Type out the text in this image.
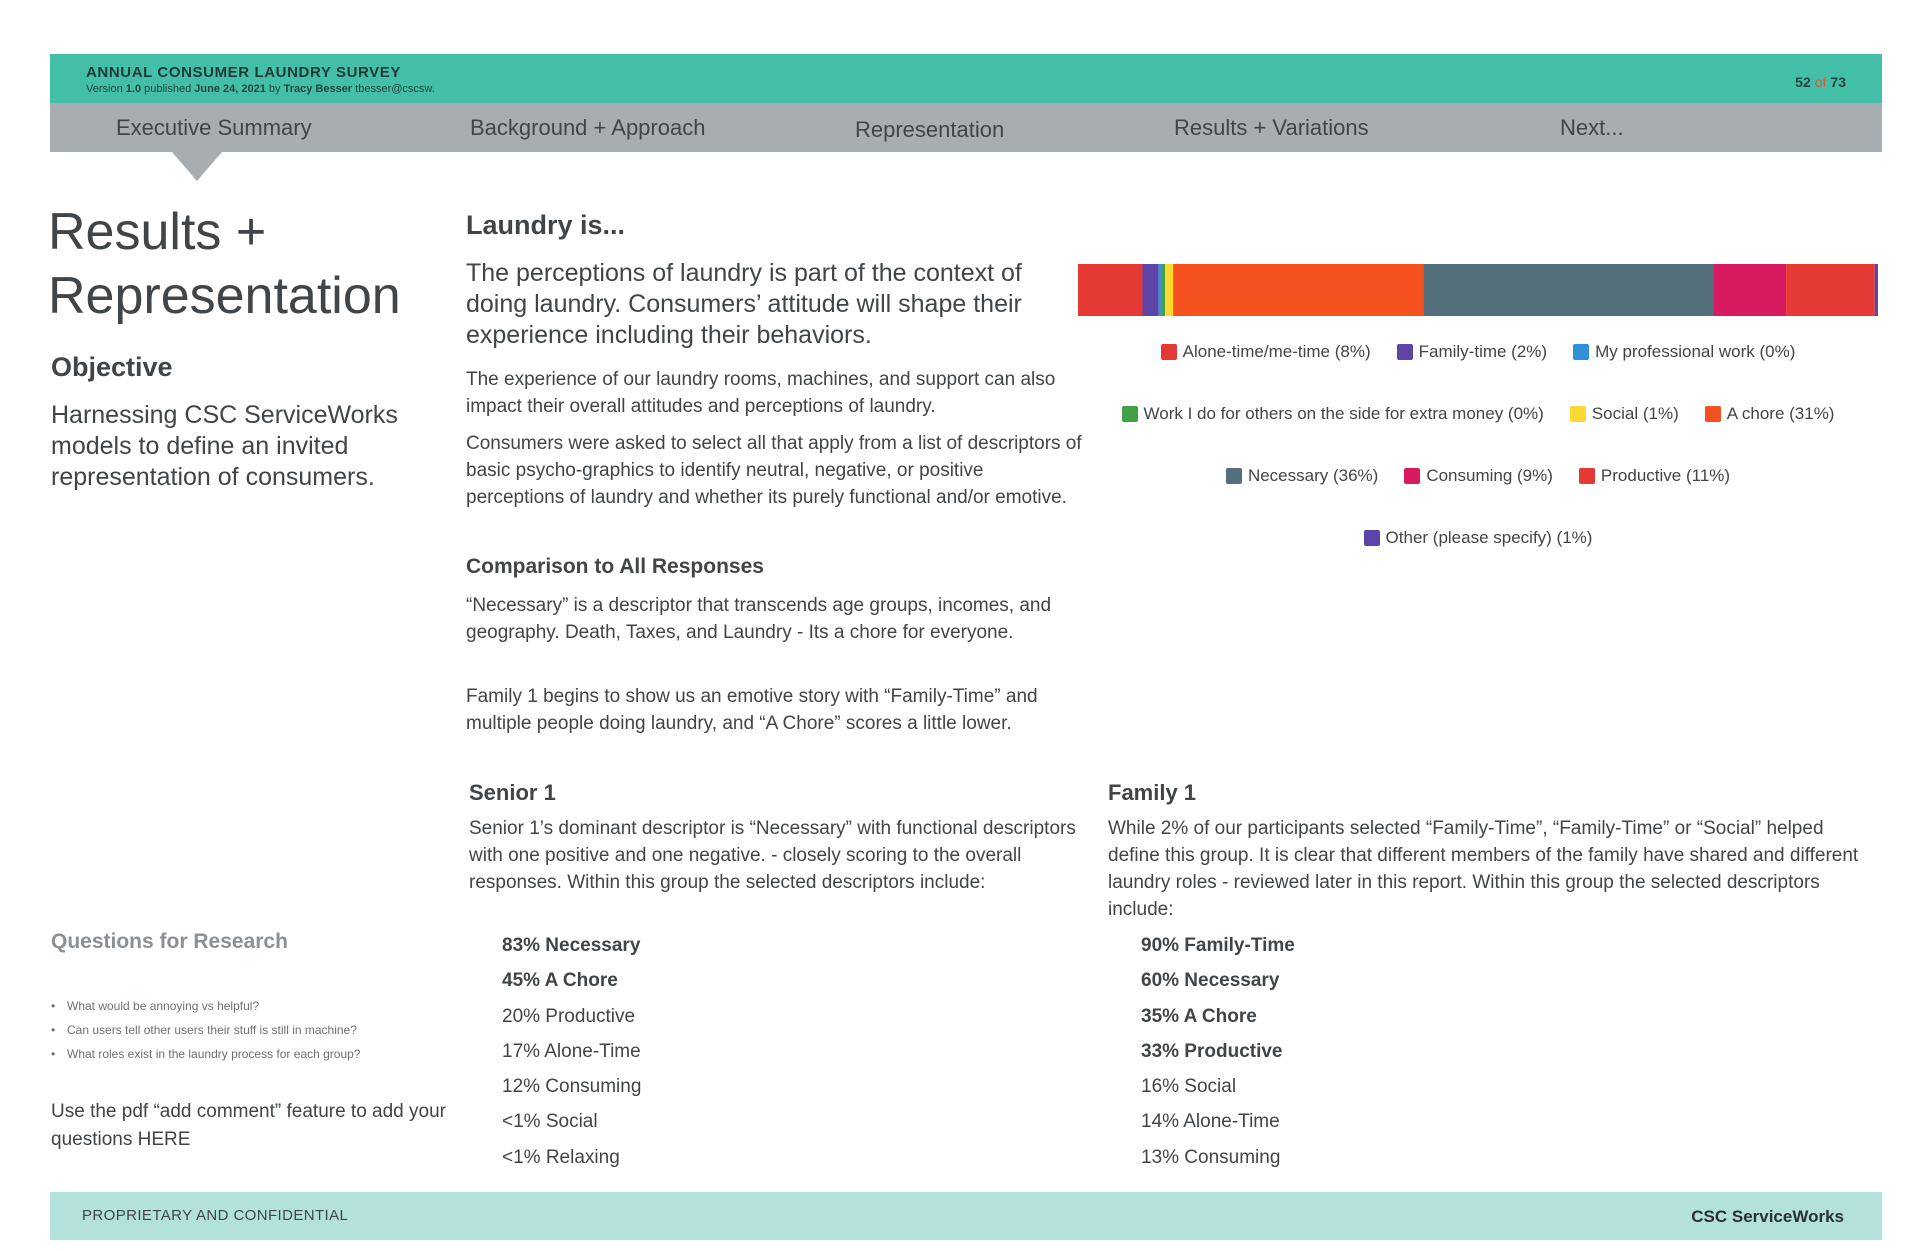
ANNUAL CONSUMER LAUNDRY SURVEY
Version 1.0 published June 24, 2021 by Tracy Besser tbesser@cscsw.	52 of 73
Executive Summary	Background + Approach	Representation	Results + Variations	Next...
Results +
Representation
Objective
Harnessing CSC ServiceWorks models to define an invited representation of consumers.
Questions for Research
• What would be annoying vs helpful?
• Can users tell other users their stuff is still in machine?
• What roles exist in the laundry process for each group?
Use the pdf “add comment” feature to add your questions HERE
Laundry is...
The perceptions of laundry is part of the context of doing laundry. Consumers’ attitude will shape their experience including their behaviors.

The experience of our laundry rooms, machines, and support can also impact their overall attitudes and perceptions of laundry.

Consumers were asked to select all that apply from a list of descriptors of basic psycho-graphics to identify neutral, negative, or positive perceptions of laundry and whether its purely functional and/or emotive.

Comparison to All Responses

“Necessary” is a descriptor that transcends age groups, incomes, and geography. Death, Taxes, and Laundry - Its a chore for everyone.

Family 1 begins to show us an emotive story with “Family-Time” and multiple people doing laundry, and “A Chore” scores a little lower.

Senior 1
Senior 1’s dominant descriptor is “Necessary” with functional descriptors with one positive and one negative. - closely scoring to the overall responses. Within this group the selected descriptors include:
83% Necessary
45% A Chore
20% Productive
17% Alone-Time
12% Consuming
<1% Social
<1% Relaxing
Family 1
While 2% of our participants selected “Family-Time”, “Family-Time” or “Social” helped define this group. It is clear that different members of the family have shared and different laundry roles - reviewed later in this report. Within this group the selected descriptors include:
90% Family-Time
60% Necessary
35% A Chore
33% Productive
16% Social
14% Alone-Time
13% Consuming
Alone-time/me-time (8%)	Family-time (2%)	My professional work (0%)
Work I do for others on the side for extra money (0%)	Social (1%)	A chore (31%)
Necessary (36%)	Consuming (9%)	Productive (11%)
Other (please specify) (1%)
PROPRIETARY AND CONFIDENTIAL	CSC ServiceWorks
